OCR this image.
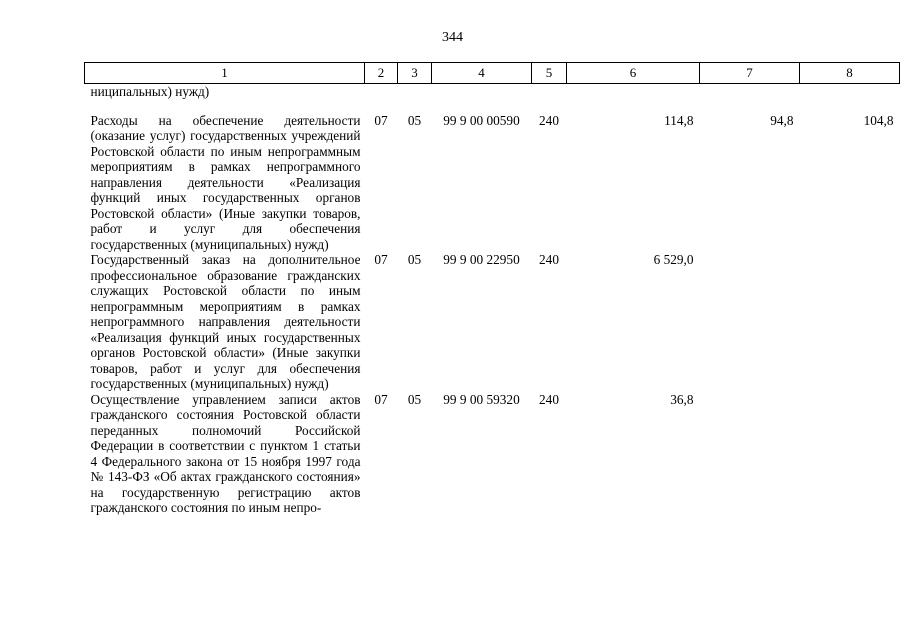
344
1	2	3	4	5	6	7	8
ниципальных) нужд)							
Расходы на обеспечение деятельности (оказание услуг) государственных учреждений Ростовской области по иным непрограммным мероприятиям в рамках непрограммного направления деятельности «Реализация функций иных государственных органов Ростовской области» (Иные закупки товаров, работ и услуг для обеспечения государственных (муниципальных) нужд)	07	05	99 9 00 00590	240	114,8	94,8	104,8
Государственный заказ на дополнительное профессиональное образование гражданских служащих Ростовской области по иным непрограммным мероприятиям в рамках непрограммного направления деятельности «Реализация функций иных государственных органов Ростовской области» (Иные закупки товаров, работ и услуг для обеспечения государственных (муниципальных) нужд)	07	05	99 9 00 22950	240	6 529,0		
Осуществление управлением записи актов гражданского состояния Ростовской области переданных полномочий Российской Федерации в соответствии с пунктом 1 статьи 4 Федерального закона от 15 ноября 1997 года № 143-ФЗ «Об актах гражданского состояния» на государственную регистрацию актов гражданского состояния по иным непро-	07	05	99 9 00 59320	240	36,8		
